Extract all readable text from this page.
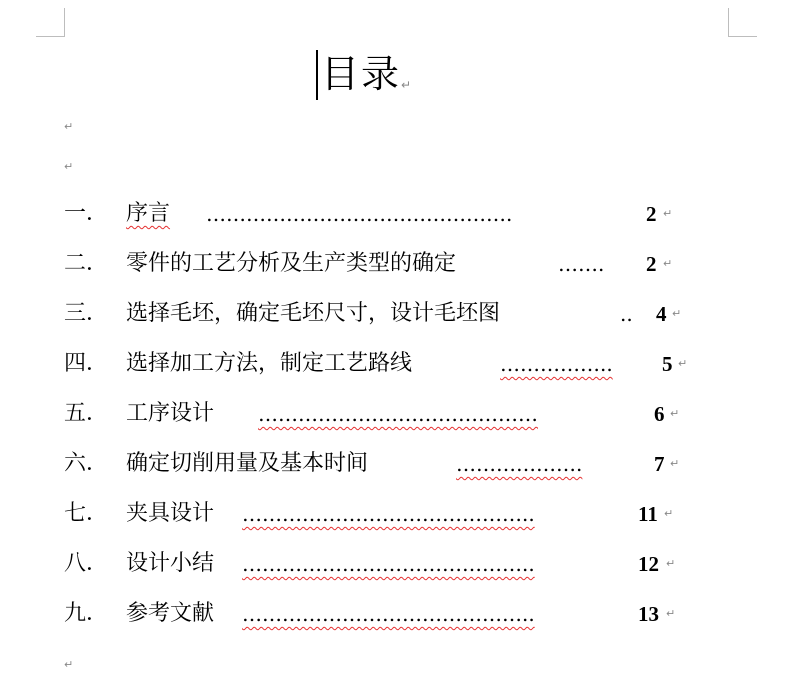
目录↵
↵
↵
一． 序言 ……………………………………….	2 ↵
二． 零件的工艺分析及生产类型的确定	……. 2 ↵
三． 选择毛坯，确定毛坯尺寸，设计毛坯图	.. 4 ↵
四． 选择加工方法，制定工艺路线	…………….. 5 ↵
五． 工序设计 ……………………………………	6 ↵
六． 确定切削用量及基本时间	……………….	7 ↵
七． 夹具设计 ……………………………………..	11 ↵
八． 设计小结 ……………………………………..	12 ↵
九． 参考文献 ……………………………………..	13 ↵
↵
